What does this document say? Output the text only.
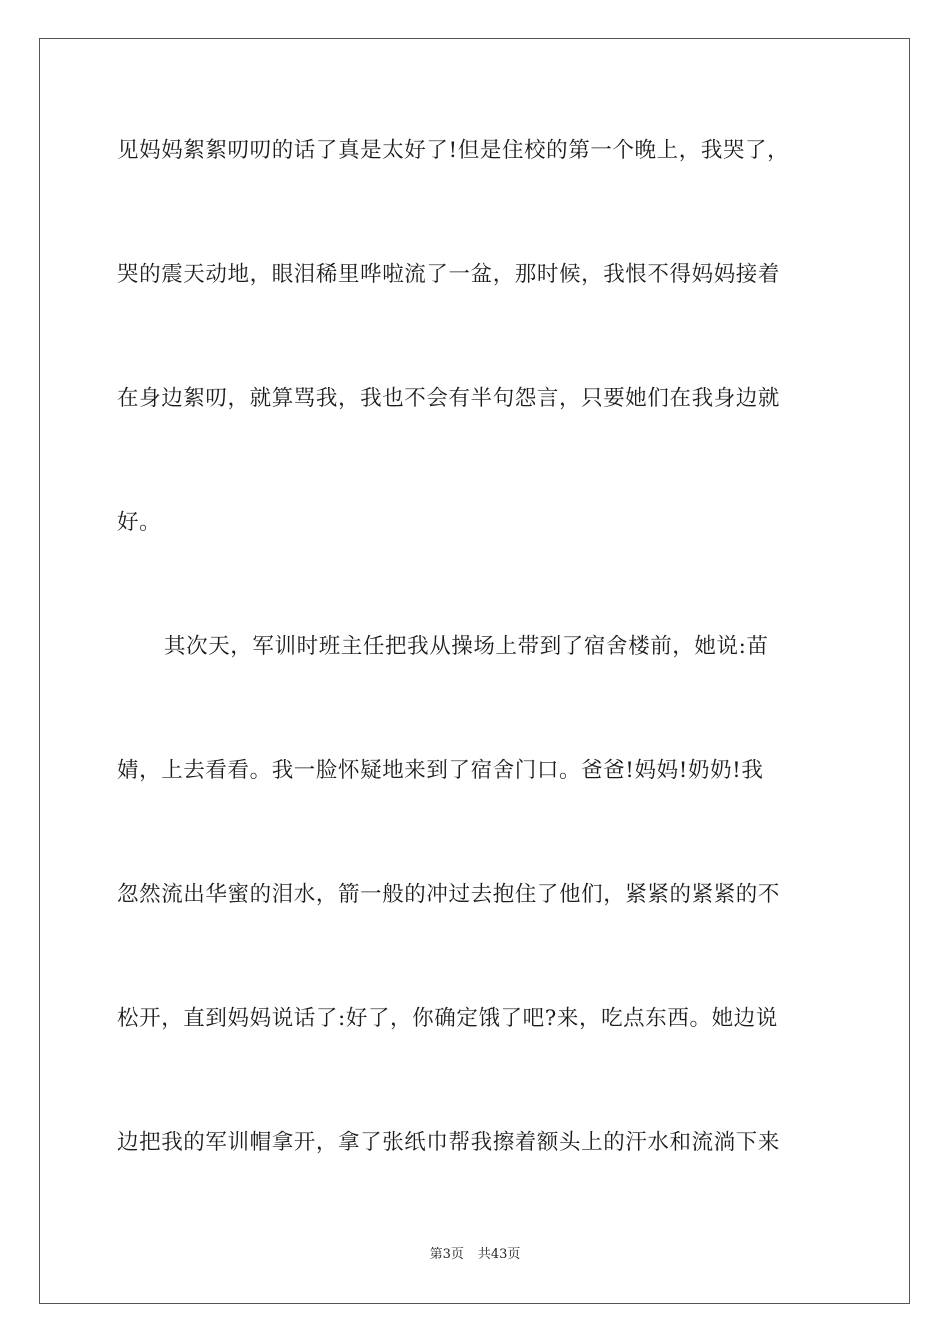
见妈妈絮絮叨叨的话了真是太好了!但是住校的第一个晚上，我哭了，
哭的震天动地，眼泪稀里哗啦流了一盆，那时候，我恨不得妈妈接着
在身边絮叨，就算骂我，我也不会有半句怨言，只要她们在我身边就
好。
其次天，军训时班主任把我从操场上带到了宿舍楼前，她说:苗
婧，上去看看。我一脸怀疑地来到了宿舍门口。爸爸!妈妈!奶奶!我
忽然流出华蜜的泪水，箭一般的冲过去抱住了他们，紧紧的紧紧的不
松开，直到妈妈说话了:好了，你确定饿了吧?来，吃点东西。她边说
边把我的军训帽拿开，拿了张纸巾帮我擦着额头上的汗水和流淌下来
第3页 共43页
